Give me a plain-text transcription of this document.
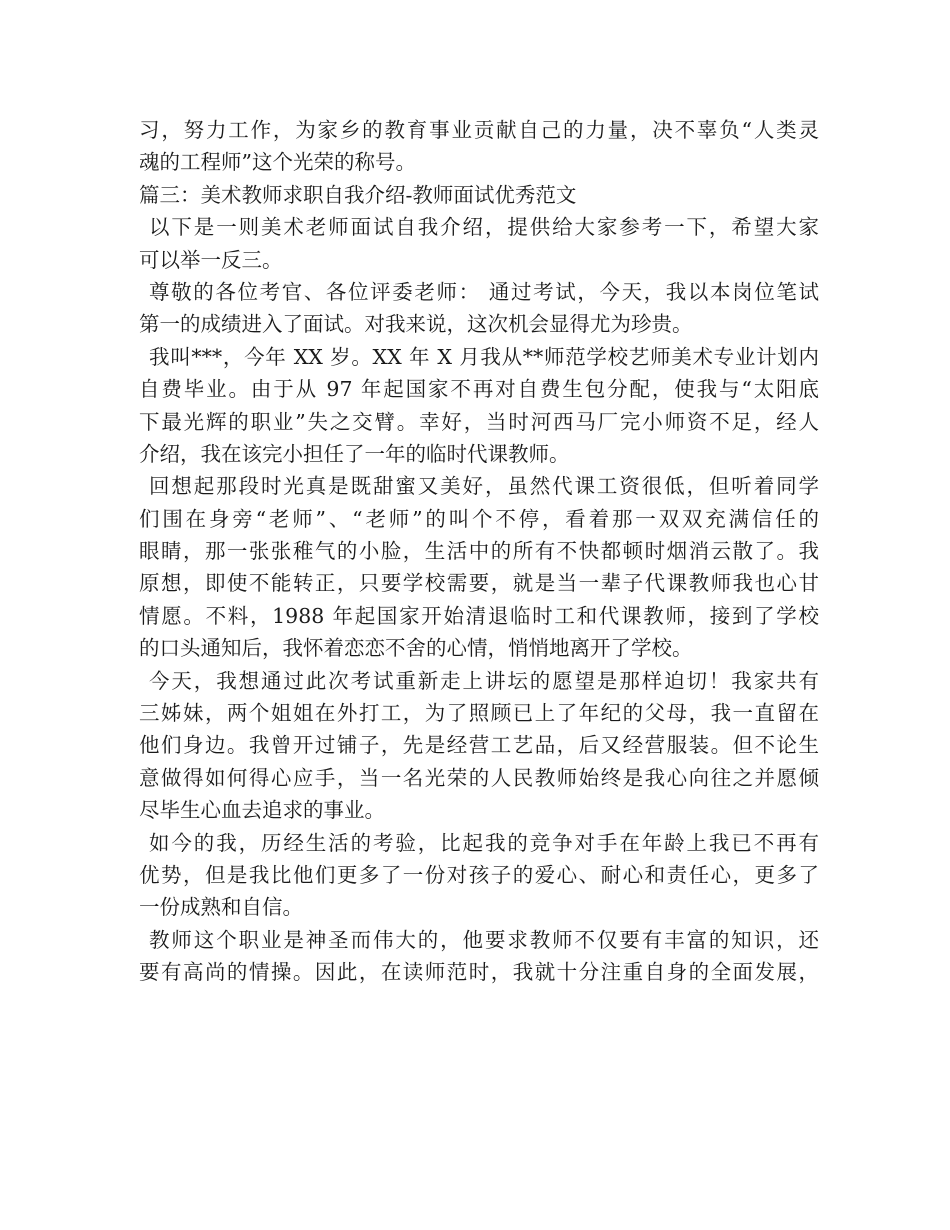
习，努力工作，为家乡的教育事业贡献自己的力量，决不辜负“人类灵
魂的工程师”这个光荣的称号。
篇三：美术教师求职自我介绍-教师面试优秀范文
以下是一则美术老师面试自我介绍，提供给大家参考一下，希望大家
可以举一反三。
尊敬的各位考官、各位评委老师： 通过考试，今天，我以本岗位笔试
第一的成绩进入了面试。对我来说，这次机会显得尤为珍贵。
我叫***，今年 XX 岁。XX 年 X 月我从**师范学校艺师美术专业计划内
自费毕业。由于从 97 年起国家不再对自费生包分配，使我与“太阳底
下最光辉的职业”失之交臂。幸好，当时河西马厂完小师资不足，经人
介绍，我在该完小担任了一年的临时代课教师。
回想起那段时光真是既甜蜜又美好，虽然代课工资很低，但听着同学
们围在身旁“老师”、“老师”的叫个不停，看着那一双双充满信任的
眼睛，那一张张稚气的小脸，生活中的所有不快都顿时烟消云散了。我
原想，即使不能转正，只要学校需要，就是当一辈子代课教师我也心甘
情愿。不料，1988 年起国家开始清退临时工和代课教师，接到了学校
的口头通知后，我怀着恋恋不舍的心情，悄悄地离开了学校。
今天，我想通过此次考试重新走上讲坛的愿望是那样迫切！我家共有
三姊妹，两个姐姐在外打工，为了照顾已上了年纪的父母，我一直留在
他们身边。我曾开过铺子，先是经营工艺品，后又经营服装。但不论生
意做得如何得心应手，当一名光荣的人民教师始终是我心向往之并愿倾
尽毕生心血去追求的事业。
如今的我，历经生活的考验，比起我的竞争对手在年龄上我已不再有
优势，但是我比他们更多了一份对孩子的爱心、耐心和责任心，更多了
一份成熟和自信。
教师这个职业是神圣而伟大的，他要求教师不仅要有丰富的知识，还
要有高尚的情操。因此，在读师范时，我就十分注重自身的全面发展，
